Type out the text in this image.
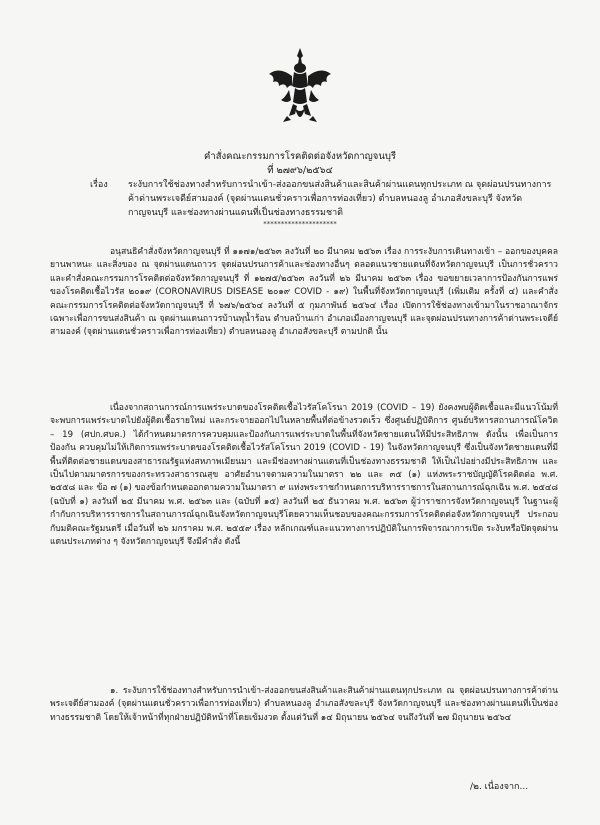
คำสั่งคณะกรรมการโรคติดต่อจังหวัดกาญจนบุรี
ที่ ๒๗๙๖/๒๕๖๔
เรื่อง ระงับการใช้ช่องทางสำหรับการนำเข้า-ส่งออกขนส่งสินค้าและสินค้าผ่านแดนทุกประเภท ณ จุดผ่อนปรนทางการค้าด่านพระเจดีย์สามองค์ (จุดผ่านแดนชั่วคราวเพื่อการท่องเที่ยว) ตำบลหนองลู อำเภอสังขละบุรี จังหวัดกาญจนบุรี และช่องทางผ่านแดนที่เป็นช่องทางธรรมชาติ
*********************
อนุสนธิคำสั่งจังหวัดกาญจนบุรี ที่ ๑๑๗๑/๒๕๖๓ ลงวันที่ ๒๐ มีนาคม ๒๕๖๓ เรื่อง การระงับการเดินทางเข้า – ออกของบุคคล ยานพาหนะ และสิ่งของ ณ จุดผ่านแดนถาวร จุดผ่อนปรนการค้าและช่องทางอื่นๆ ตลอดแนวชายแดนที่จังหวัดกาญจนบุรี เป็นการชั่วคราว และคำสั่งคณะกรรมการโรคติดต่อจังหวัดกาญจนบุรี ที่ ๑๒๗๕/๒๕๖๓ ลงวันที่ ๒๖ มีนาคม ๒๕๖๓ เรื่อง ขอขยายเวลาการป้องกันการแพร่ของโรคติดเชื้อไวรัส ๒๐๑๙ (CORONAVIRUS DISEASE ๒๐๑๙ COVID - ๑๙) ในพื้นที่จังหวัดกาญจนบุรี (เพิ่มเติม ครั้งที่ ๔) และคำสั่งคณะกรรมการโรคติดต่อจังหวัดกาญจนบุรี ที่ ๖๗๖/๒๕๖๔ ลงวันที่ ๕ กุมภาพันธ์ ๒๕๖๔ เรื่อง เปิดการใช้ช่องทางเข้ามาในราชอาณาจักรเฉพาะเพื่อการขนส่งสินค้า ณ จุดผ่านแดนถาวรบ้านพุน้ำร้อน ตำบลบ้านเก่า อำเภอเมืองกาญจนบุรี และจุดผ่อนปรนทางการค้าด่านพระเจดีย์สามองค์ (จุดผ่านแดนชั่วคราวเพื่อการท่องเที่ยว) ตำบลหนองลู อำเภอสังขละบุรี ตามปกติ นั้น
เนื่องจากสถานการณ์การแพร่ระบาดของโรคติดเชื้อไวรัสโคโรนา 2019 (COVID – 19) ยังคงพบผู้ติดเชื้อและมีแนวโน้มที่จะพบการแพร่ระบาดไปยังผู้ติดเชื้อรายใหม่ และกระจายออกไปในหลายพื้นที่ต่อข้างรวดเร็ว ซึ่งศูนย์ปฏิบัติการ ศูนย์บริหารสถานการณ์โควิด – 19 (ศปก.ศบค.) ได้กำหนดมาตรการควบคุมและป้องกันการแพร่ระบาดในพื้นที่จังหวัดชายแดนให้มีประสิทธิภาพ ดังนั้น เพื่อเป็นการป้องกัน ควบคุมไม่ให้เกิดการแพร่ระบาดของโรคติดเชื้อไวรัสโคโรนา 2019 (COVID - 19) ในจังหวัดกาญจนบุรี ซึ่งเป็นจังหวัดชายแดนที่มีพื้นที่ติดต่อชายแดนของสาธารณรัฐแห่งสหภาพเมียนมา และมีช่องทางผ่านแดนที่เป็นช่องทางธรรมชาติ ให้เป็นไปอย่างมีประสิทธิภาพ และเป็นไปตามมาตรการของกระทรวงสาธารณสุข อาศัยอำนาจตามความในมาตรา ๒๒ และ ๓๕ (๑) แห่งพระราชบัญญัติโรคติดต่อ พ.ศ. ๒๕๕๘ และ ข้อ ๗ (๑) ของข้อกำหนดออกตามความในมาตรา ๙ แห่งพระราชกำหนดการบริหารราชการในสถานการณ์ฉุกเฉิน พ.ศ. ๒๕๔๘ (ฉบับที่ ๑) ลงวันที่ ๒๕ มีนาคม พ.ศ. ๒๕๖๓ และ (ฉบับที่ ๑๕) ลงวันที่ ๒๕ ธันวาคม พ.ศ. ๒๕๖๓ ผู้ว่าราชการจังหวัดกาญจนบุรี ในฐานะผู้กำกับการบริหารราชการในสถานการณ์ฉุกเฉินจังหวัดกาญจนบุรีโดยความเห็นชอบของคณะกรรมการโรคติดต่อจังหวัดกาญจนบุรี ประกอบกับมติคณะรัฐมนตรี เมื่อวันที่ ๒๖ มกราคม พ.ศ. ๒๕๕๙ เรื่อง หลักเกณฑ์และแนวทางการปฏิบัติในการพิจารณาการเปิด ระงับหรือปิดจุดผ่านแดนประเภทต่าง ๆ จังหวัดกาญจนบุรี จึงมีคำสั่ง ดังนี้
๑. ระงับการใช้ช่องทางสำหรับการนำเข้า-ส่งออกขนส่งสินค้าและสินค้าผ่านแดนทุกประเภท ณ จุดผ่อนปรนทางการค้าด่านพระเจดีย์สามองค์ (จุดผ่านแดนชั่วคราวเพื่อการท่องเที่ยว) ตำบลหนองลู อำเภอสังขละบุรี จังหวัดกาญจนบุรี และช่องทางผ่านแดนที่เป็นช่องทางธรรมชาติ โดยให้เจ้าหน้าที่ทุกฝ่ายปฏิบัติหน้าที่โดยเข้มงวด ตั้งแต่วันที่ ๑๔ มิถุนายน ๒๕๖๔ จนถึงวันที่ ๒๗ มิถุนายน ๒๕๖๔
/๒. เนื่องจาก...
